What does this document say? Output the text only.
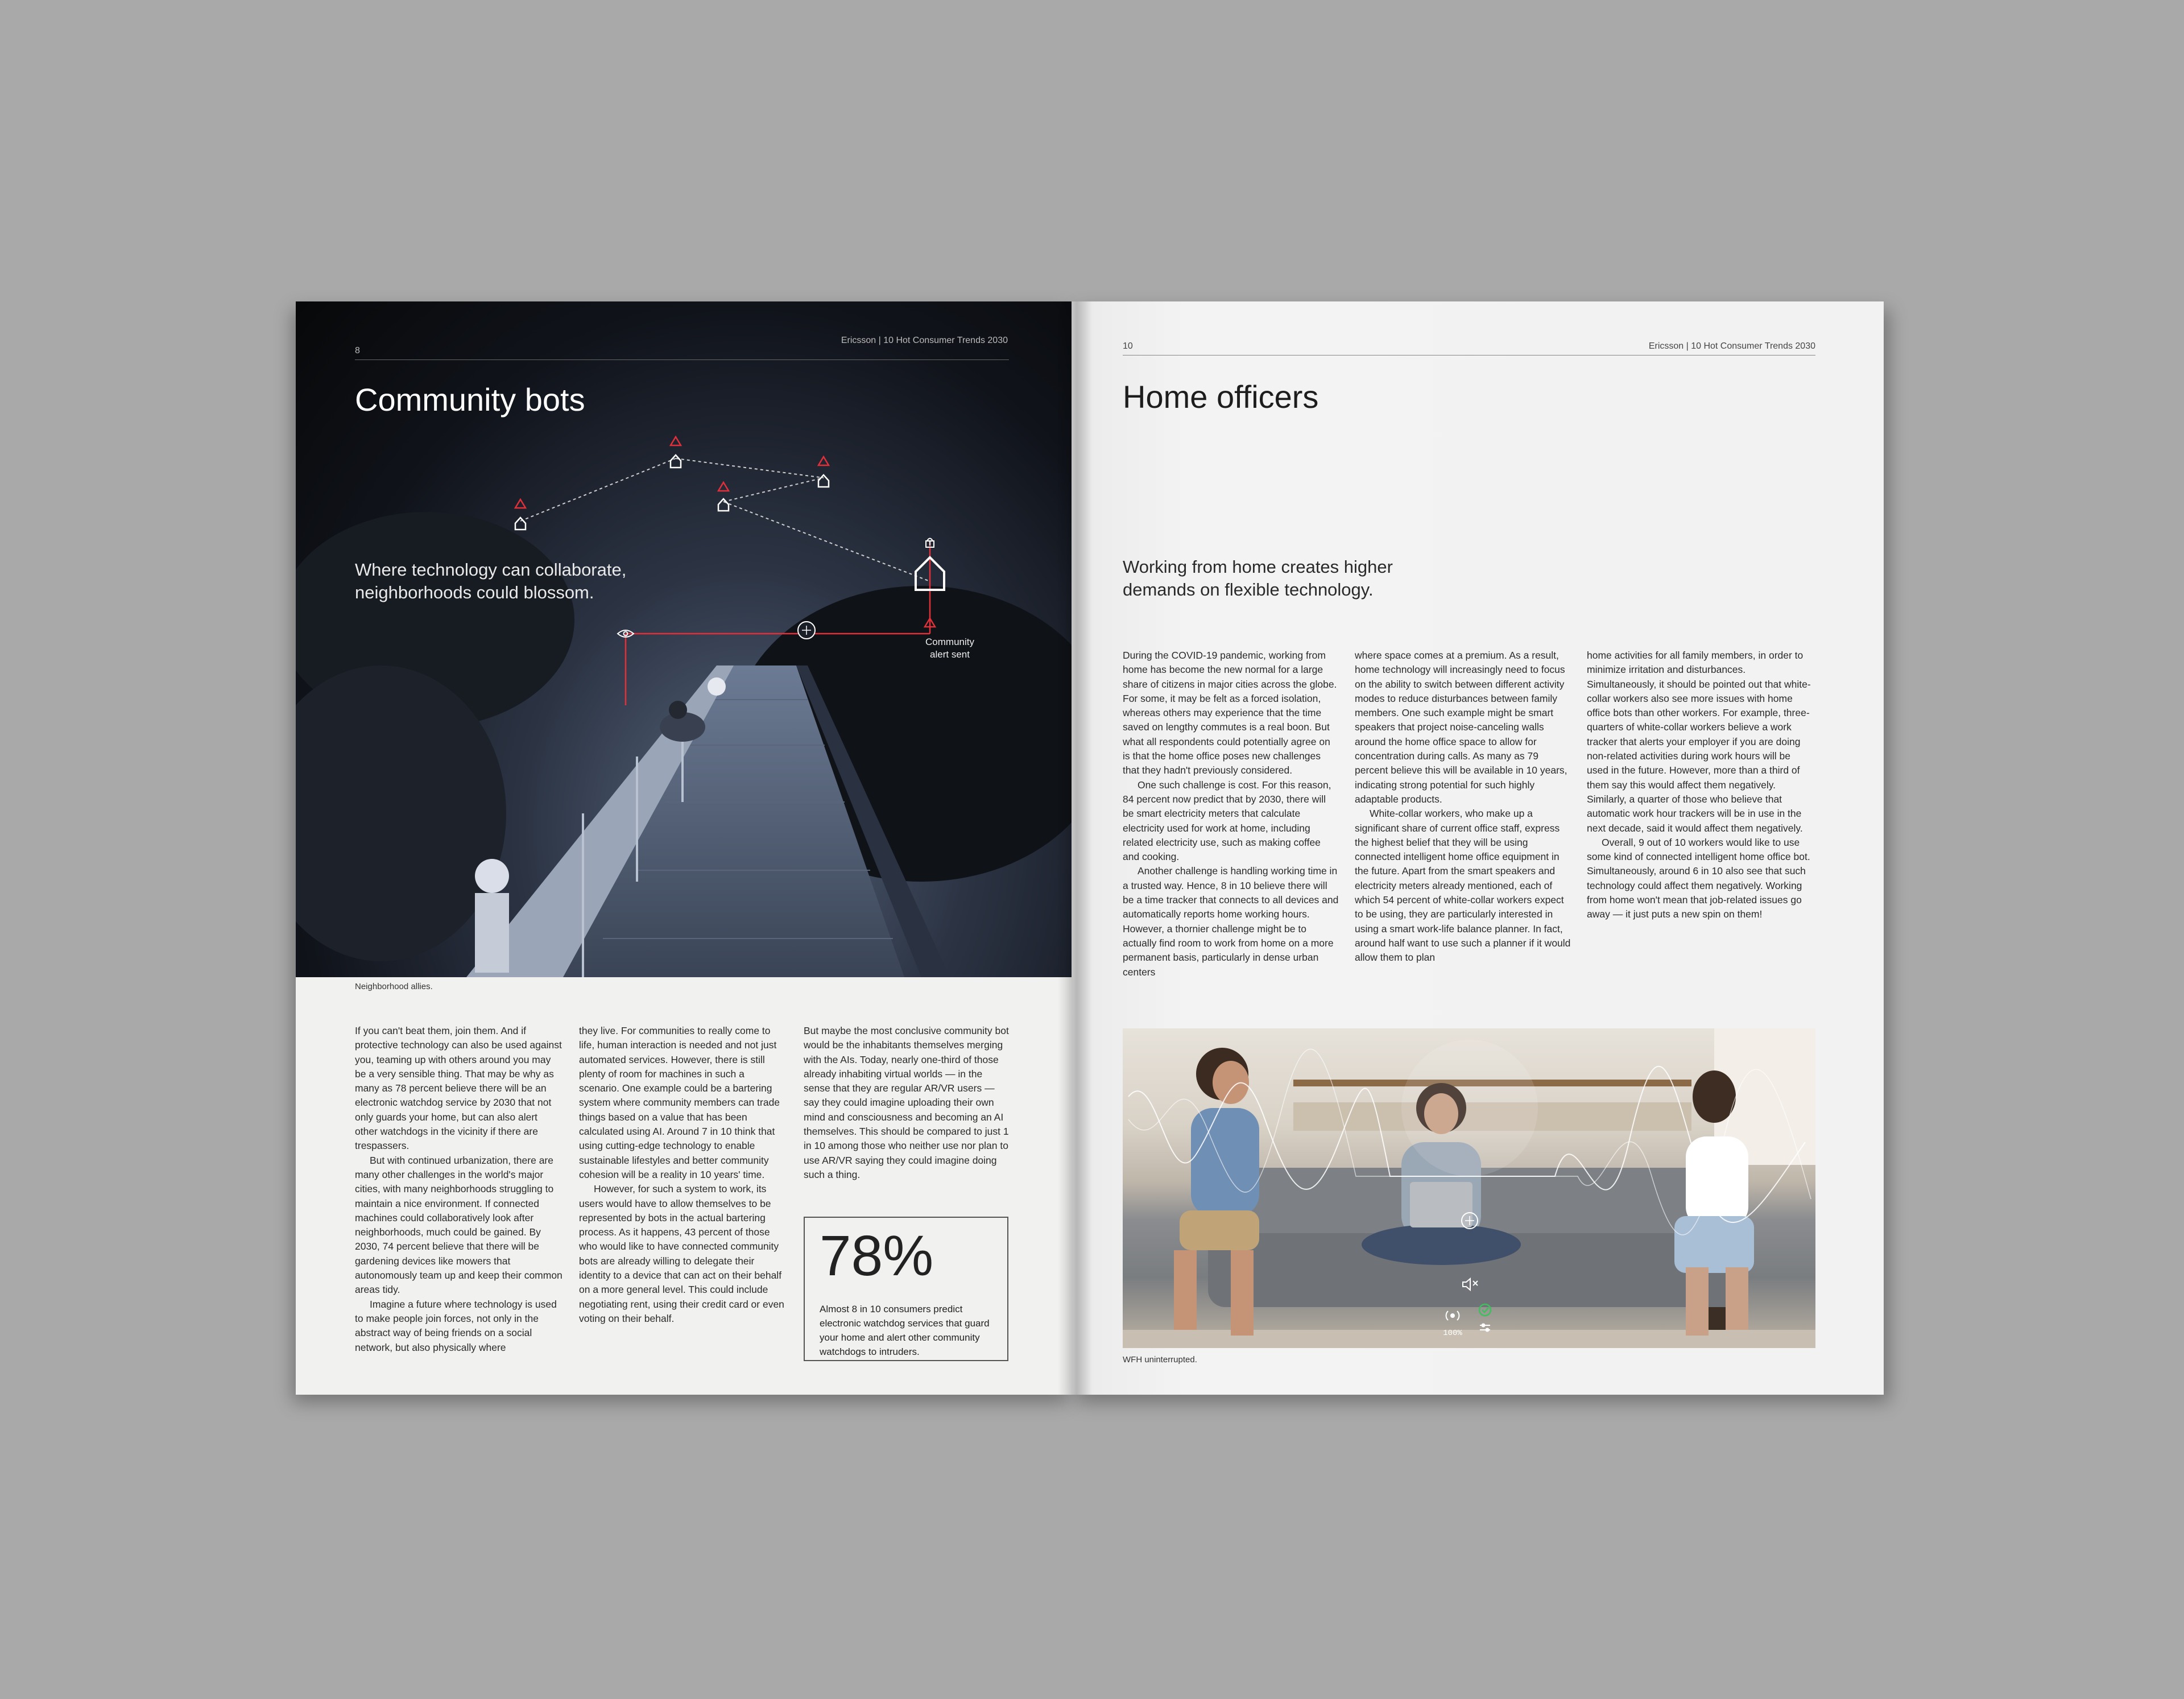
8
Ericsson | 10 Hot Consumer Trends 2030
Community bots
Where technology can collaborate, neighborhoods could blossom.
Community alert sent
Neighborhood allies.

If you can't beat them, join them. And if protective technology can also be used against you, teaming up with others around you may be a very sensible thing. That may be why as many as 78 percent believe there will be an electronic watchdog service by 2030 that not only guards your home, but can also alert other watchdogs in the vicinity if there are trespassers.

But with continued urbanization, there are many other challenges in the world's major cities, with many neighborhoods struggling to maintain a nice environment. If connected machines could collaboratively look after neighborhoods, much could be gained. By 2030, 74 percent believe that there will be gardening devices like mowers that autonomously team up and keep their common areas tidy.

Imagine a future where technology is used to make people join forces, not only in the abstract way of being friends on a social network, but also physically where

they live. For communities to really come to life, human interaction is needed and not just automated services. However, there is still plenty of room for machines in such a scenario. One example could be a bartering system where community members can trade things based on a value that has been calculated using AI. Around 7 in 10 think that using cutting-edge technology to enable sustainable lifestyles and better community cohesion will be a reality in 10 years' time.

However, for such a system to work, its users would have to allow themselves to be represented by bots in the actual bartering process. As it happens, 43 percent of those who would like to have connected community bots are already willing to delegate their identity to a device that can act on their behalf on a more general level. This could include negotiating rent, using their credit card or even voting on their behalf.

But maybe the most conclusive community bot would be the inhabitants themselves merging with the AIs. Today, nearly one-third of those already inhabiting virtual worlds — in the sense that they are regular AR/VR users — say they could imagine uploading their own mind and consciousness and becoming an AI themselves. This should be compared to just 1 in 10 among those who neither use nor plan to use AR/VR saying they could imagine doing such a thing.

78%
Almost 8 in 10 consumers predict electronic watchdog services that guard your home and alert other community watchdogs to intruders.
10	Ericsson | 10 Hot Consumer Trends 2030
Home officers
Working from home creates higher demands on flexible technology.

During the COVID-19 pandemic, working from home has become the new normal for a large share of citizens in major cities across the globe. For some, it may be felt as a forced isolation, whereas others may experience that the time saved on lengthy commutes is a real boon. But what all respondents could potentially agree on is that the home office poses new challenges that they hadn't previously considered.

One such challenge is cost. For this reason, 84 percent now predict that by 2030, there will be smart electricity meters that calculate electricity used for work at home, including related electricity use, such as making coffee and cooking.

Another challenge is handling working time in a trusted way. Hence, 8 in 10 believe there will be a time tracker that connects to all devices and automatically reports home working hours. However, a thornier challenge might be to actually find room to work from home on a more permanent basis, particularly in dense urban centers

where space comes at a premium. As a result, home technology will increasingly need to focus on the ability to switch between different activity modes to reduce disturbances between family members. One such example might be smart speakers that project noise-canceling walls around the home office space to allow for concentration during calls. As many as 79 percent believe this will be available in 10 years, indicating strong potential for such highly adaptable products.

White-collar workers, who make up a significant share of current office staff, express the highest belief that they will be using connected intelligent home office equipment in the future. Apart from the smart speakers and electricity meters already mentioned, each of which 54 percent of white-collar workers expect to be using, they are particularly interested in using a smart work-life balance planner. In fact, around half want to use such a planner if it would allow them to plan

home activities for all family members, in order to minimize irritation and disturbances. Simultaneously, it should be pointed out that white-collar workers also see more issues with home office bots than other workers. For example, three-quarters of white-collar workers believe a work tracker that alerts your employer if you are doing non-related activities during work hours will be used in the future. However, more than a third of them say this would affect them negatively. Similarly, a quarter of those who believe that automatic work hour trackers will be in use in the next decade, said it would affect them negatively.

Overall, 9 out of 10 workers would like to use some kind of connected intelligent home office bot. Simultaneously, around 6 in 10 also see that such technology could affect them negatively. Working from home won't mean that job-related issues go away — it just puts a new spin on them!

100%
WFH uninterrupted.
